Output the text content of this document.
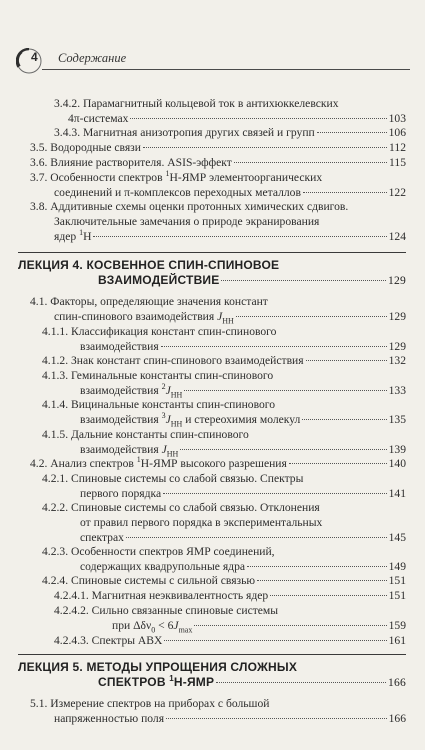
4 Содержание
3.4.2. Парамагнитный кольцевой ток в антихюккелевских
4π-системах	103
3.4.3. Магнитная анизотропия других связей и групп	106
3.5. Водородные связи	112
3.6. Влияние растворителя. ASIS-эффект	115
3.7. Особенности спектров $^1$H-ЯМР элементоорганических
соединений и π-комплексов переходных металлов	122
3.8. Аддитивные схемы оценки протонных химических сдвигов.
Заключительные замечания о природе экранирования
ядер $^1$H	124
ЛЕКЦИЯ 4. КОСВЕННОЕ СПИН-СПИНОВОЕ
ВЗАИМОДЕЙСТВИЕ	129
4.1. Факторы, определяющие значения констант
спин-спинового взаимодействия $J_{НН}$	129
4.1.1. Классификация констант спин-спинового
взаимодействия	129
4.1.2. Знак констант спин-спинового взаимодействия	132
4.1.3. Геминальные константы спин-спинового
взаимодействия $^2J_{НН}$	133
4.1.4. Вицинальные константы спин-спинового
взаимодействия $^3J_{НН}$ и стереохимия молекул	135
4.1.5. Дальние константы спин-спинового
взаимодействия $J_{НН}$	139
4.2. Анализ спектров $^1$H-ЯМР высокого разрешения	140
4.2.1. Спиновые системы со слабой связью. Спектры
первого порядка	141
4.2.2. Спиновые системы со слабой связью. Отклонения
от правил первого порядка в экспериментальных
спектрах	145
4.2.3. Особенности спектров ЯМР соединений,
содержащих квадрупольные ядра	149
4.2.4. Спиновые системы с сильной связью	151
4.2.4.1. Магнитная неэквивалентность ядер	151
4.2.4.2. Сильно связанные спиновые системы
при $\Delta\delta\nu_0 < 6J_{max}$	159
4.2.4.3. Спектры ABX	161
ЛЕКЦИЯ 5. МЕТОДЫ УПРОЩЕНИЯ СЛОЖНЫХ
СПЕКТРОВ $^1$H-ЯМР	166
5.1. Измерение спектров на приборах с большой
напряженностью поля	166
